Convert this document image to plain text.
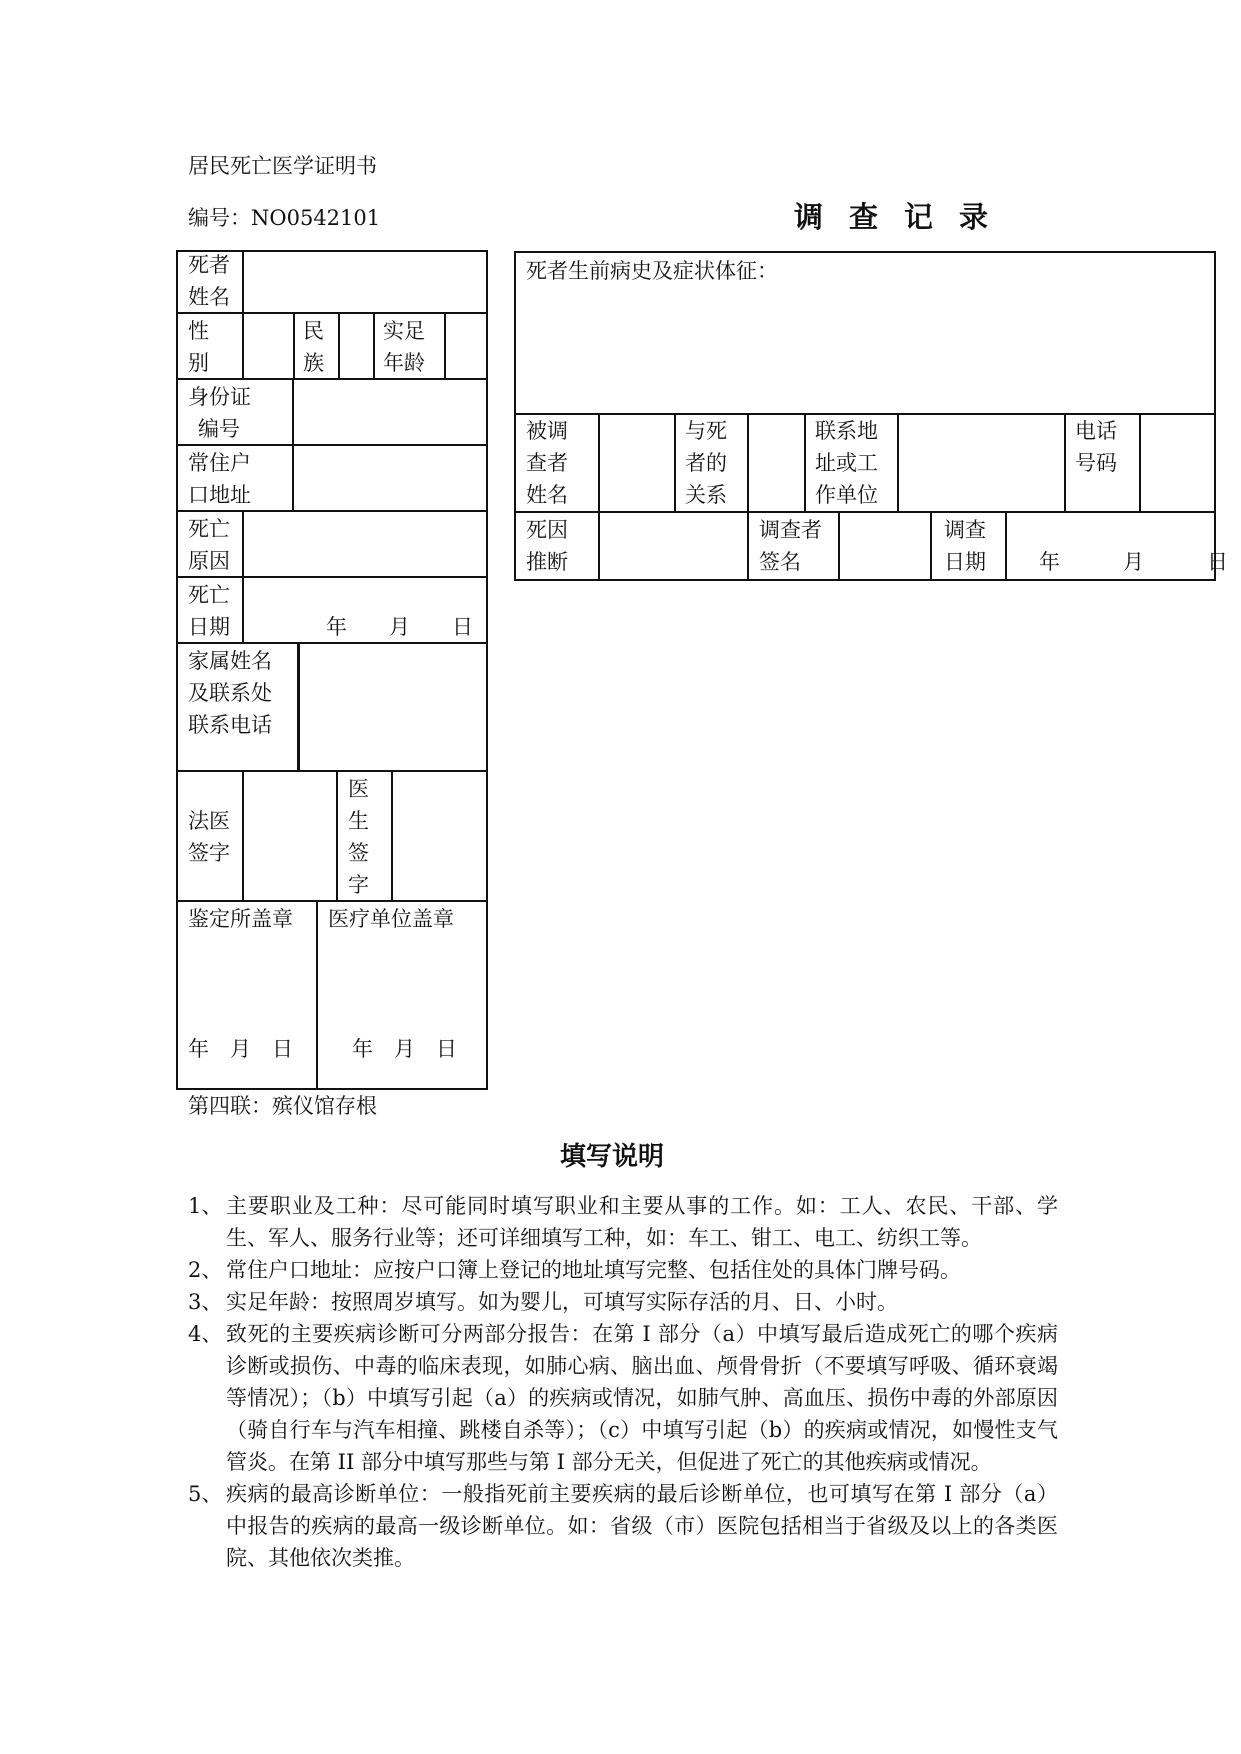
居民死亡医学证明书
编号：NO0542101
死者
姓名
性
别
民
族
实足
年龄
身份证
编号
常住户
口地址
死亡
原因
死亡
日期	年　　月　　日
家属姓名
及联系处
联系电话
法医
签字
医
生
签
字
鉴定所盖章
年　月　日
医疗单位盖章
年　月　日
第四联：殡仪馆存根
调查记录
死者生前病史及症状体征：
被调
查者
姓名
与死
者的
关系
联系地
址或工
作单位
电话
号码
死因
推断
调查者
签名
调查
日期	年　　　月　　　日
填写说明
1、 主要职业及工种：尽可能同时填写职业和主要从事的工作。如：工人、农民、干部、学生、军人、服务行业等；还可详细填写工种，如：车工、钳工、电工、纺织工等。
2、 常住户口地址：应按户口簿上登记的地址填写完整、包括住处的具体门牌号码。
3、 实足年龄：按照周岁填写。如为婴儿，可填写实际存活的月、日、小时。
4、 致死的主要疾病诊断可分两部分报告：在第 I 部分（a）中填写最后造成死亡的哪个疾病诊断或损伤、中毒的临床表现，如肺心病、脑出血、颅骨骨折（不要填写呼吸、循环衰竭等情况）；（b）中填写引起（a）的疾病或情况，如肺气肿、高血压、损伤中毒的外部原因（骑自行车与汽车相撞、跳楼自杀等）；（c）中填写引起（b）的疾病或情况，如慢性支气管炎。在第 II 部分中填写那些与第 I 部分无关，但促进了死亡的其他疾病或情况。
5、 疾病的最高诊断单位：一般指死前主要疾病的最后诊断单位，也可填写在第 I 部分（a）中报告的疾病的最高一级诊断单位。如：省级（市）医院包括相当于省级及以上的各类医院、其他依次类推。
